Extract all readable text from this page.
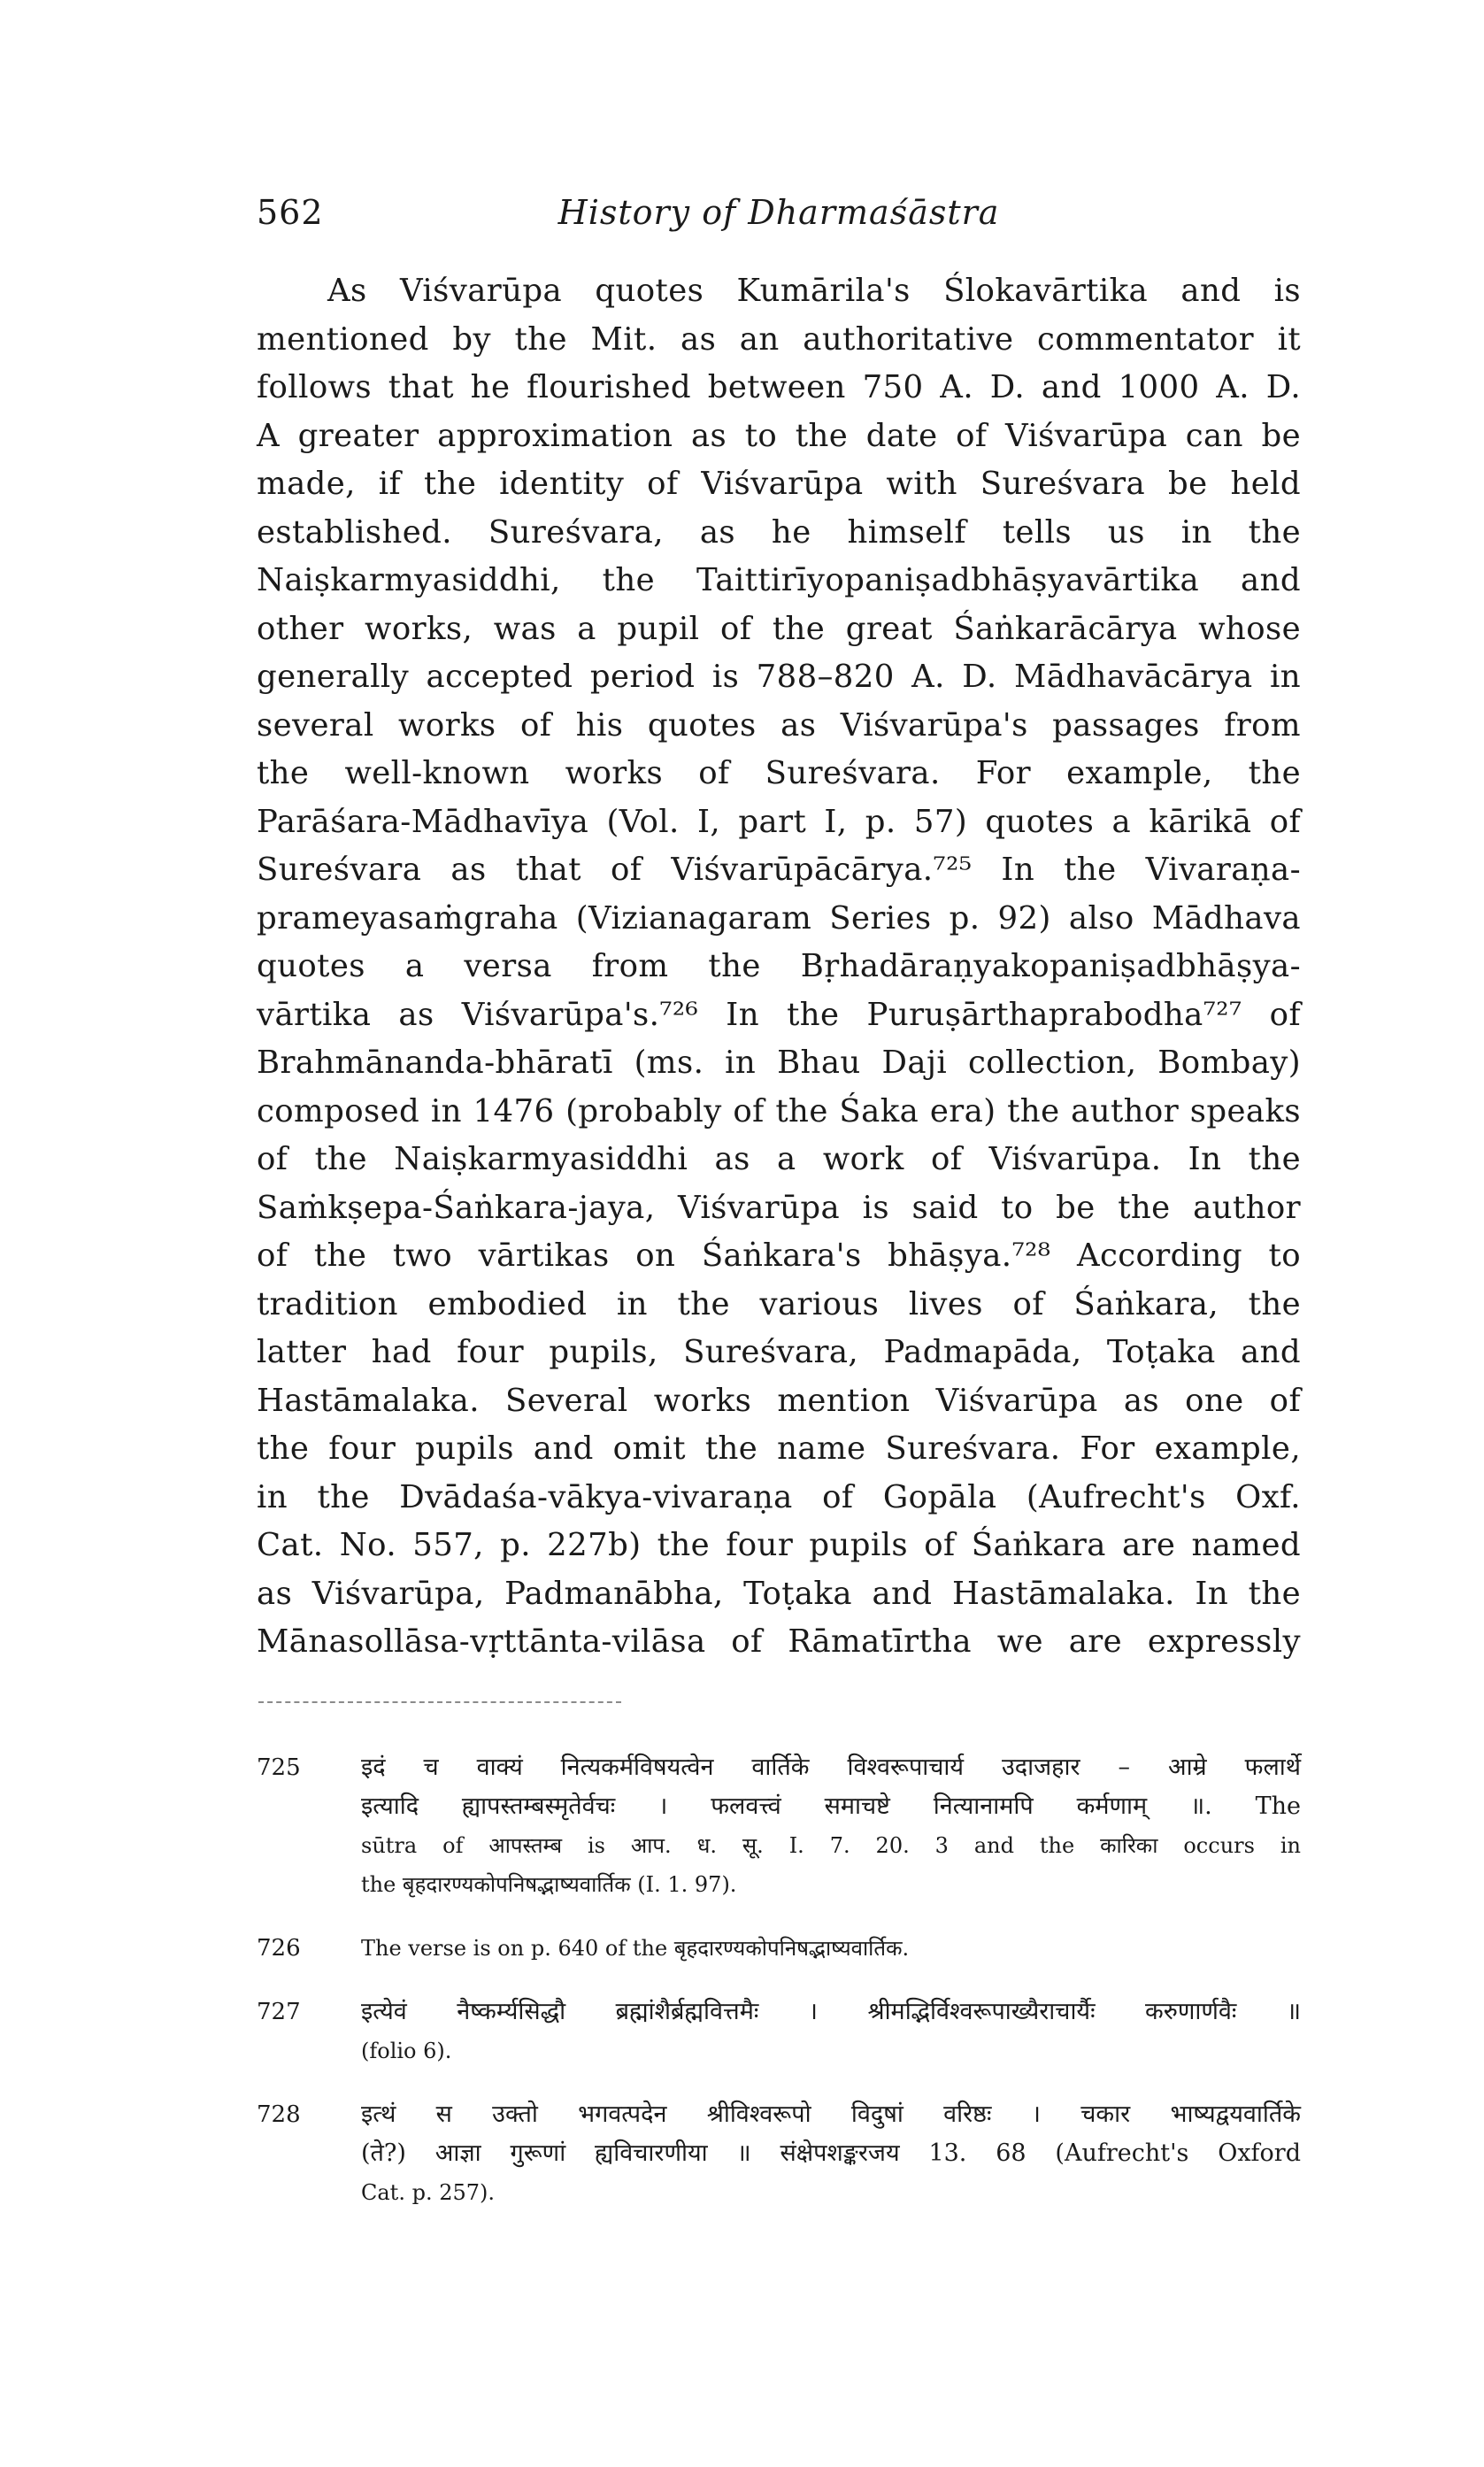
562	History of Dharmaśāstra
As Viśvarūpa quotes Kumārila's Ślokavārtika and is
mentioned by the Mit. as an authoritative commentator it
follows that he flourished between 750 A. D. and 1000 A. D.
A greater approximation as to the date of Viśvarūpa can be
made, if the identity of Viśvarūpa with Sureśvara be held
established. Sureśvara, as he himself tells us in the
Naiṣkarmyasiddhi, the Taittirīyopaniṣadbhāṣyavārtika and
other works, was a pupil of the great Śaṅkarācārya whose
generally accepted period is 788–820 A. D. Mādhavācārya in
several works of his quotes as Viśvarūpa's passages from
the well-known works of Sureśvara. For example, the
Parāśara-Mādhavīya (Vol. I, part I, p. 57) quotes a kārikā of
Sureśvara as that of Viśvarūpācārya.⁷²⁵ In the Vivaraṇa-
prameyasaṁgraha (Vizianagaram Series p. 92) also Mādhava
quotes a versa from the Bṛhadāraṇyakopaniṣadbhāṣya-
vārtika as Viśvarūpa's.⁷²⁶ In the Puruṣārthaprabodha⁷²⁷ of
Brahmānanda-bhāratī (ms. in Bhau Daji collection, Bombay)
composed in 1476 (probably of the Śaka era) the author speaks
of the Naiṣkarmyasiddhi as a work of Viśvarūpa. In the
Saṁkṣepa-Śaṅkara-jaya, Viśvarūpa is said to be the author
of the two vārtikas on Śaṅkara's bhāṣya.⁷²⁸ According to
tradition embodied in the various lives of Śaṅkara, the
latter had four pupils, Sureśvara, Padmapāda, Toṭaka and
Hastāmalaka. Several works mention Viśvarūpa as one of
the four pupils and omit the name Sureśvara. For example,
in the Dvādaśa-vākya-vivaraṇa of Gopāla (Aufrecht's Oxf.
Cat. No. 557, p. 227b) the four pupils of Śaṅkara are named
as Viśvarūpa, Padmanābha, Toṭaka and Hastāmalaka. In the
Mānasollāsa-vṛttānta-vilāsa of Rāmatīrtha we are expressly
725	इदं च वाक्यं नित्यकर्मविषयत्वेन वार्तिके विश्वरूपाचार्य उदाजहार – आम्रे फलार्थे
इत्यादि ह्यापस्तम्बस्मृतेर्वचः । फलवत्त्वं समाचष्टे नित्यानामपि कर्मणाम् ॥. The
sūtra of आपस्तम्ब is आप. ध. सू. I. 7. 20. 3 and the कारिका occurs in
the बृहदारण्यकोपनिषद्भाष्यवार्तिक (I. 1. 97).
726	The verse is on p. 640 of the बृहदारण्यकोपनिषद्भाष्यवार्तिक.
727	इत्येवं नैष्कर्म्यसिद्धौ ब्रह्मांशैर्ब्रह्मवित्तमैः । श्रीमद्भिर्विश्वरूपाख्यैराचार्यैः करुणार्णवैः ॥
(folio 6).
728	इत्थं स उक्तो भगवत्पदेन श्रीविश्वरूपो विदुषां वरिष्ठः । चकार भाष्यद्वयवार्तिके
(ते?) आज्ञा गुरूणां ह्यविचारणीया ॥ संक्षेपशङ्करजय 13. 68 (Aufrecht's Oxford
Cat. p. 257).
